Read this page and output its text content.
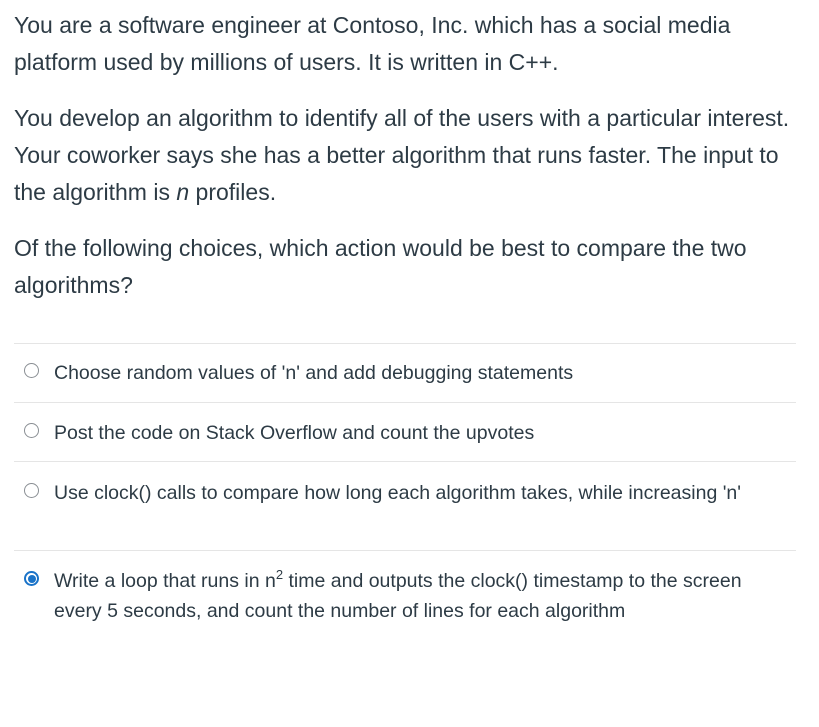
You are a software engineer at Contoso, Inc. which has a social media platform used by millions of users. It is written in C++.

You develop an algorithm to identify all of the users with a particular interest. Your coworker says she has a better algorithm that runs faster. The input to the algorithm is n profiles.

Of the following choices, which action would be best to compare the two algorithms?

Choose random values of 'n' and add debugging statements
Post the code on Stack Overflow and count the upvotes
Use clock() calls to compare how long each algorithm takes, while increasing 'n'
Write a loop that runs in $n^2$ time and outputs the clock() timestamp to the screen every 5 seconds, and count the number of lines for each algorithm
